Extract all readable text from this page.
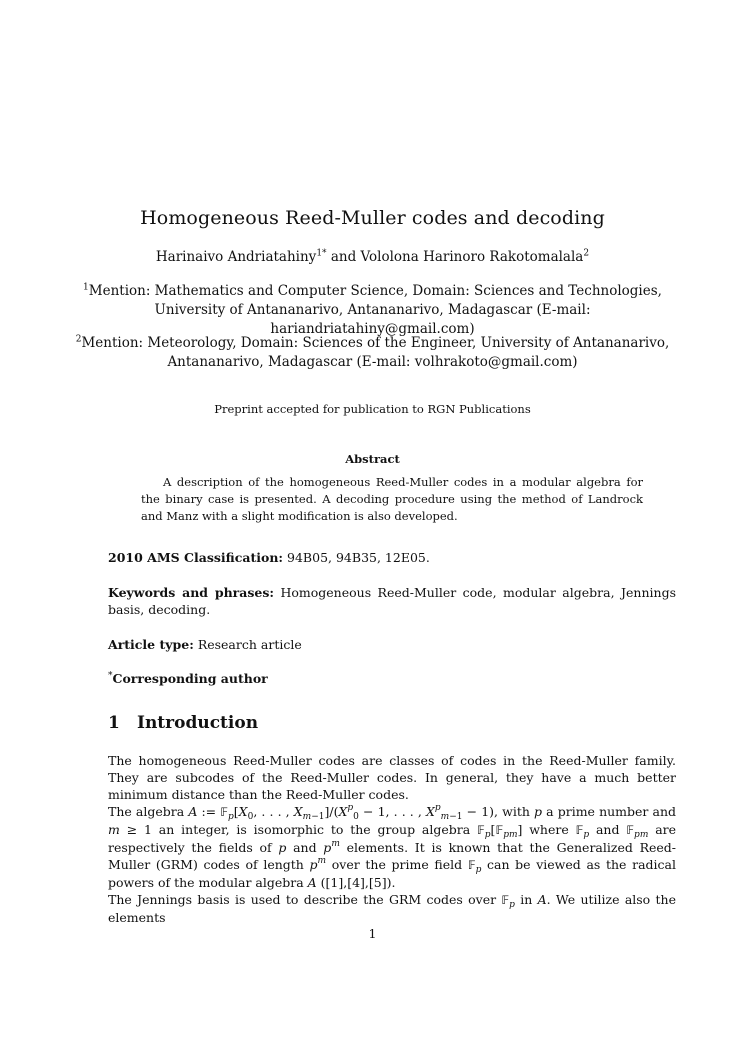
Homogeneous Reed-Muller codes and decoding
Harinaivo Andriatahiny$^{1*}$ and Vololona Harinoro Rakotomalala$^2$
$^1$Mention: Mathematics and Computer Science, Domain: Sciences and Technologies,
University of Antananarivo, Antananarivo, Madagascar (E-mail:
hariandriatahiny@gmail.com)
$^2$Mention: Meteorology, Domain: Sciences of the Engineer, University of Antananarivo,
Antananarivo, Madagascar (E-mail: volhrakoto@gmail.com)
Preprint accepted for publication to RGN Publications
Abstract
A description of the homogeneous Reed-Muller codes in a modular algebra for the binary case is presented. A decoding procedure using the method of Landrock and Manz with a slight modification is also developed.
2010 AMS Classification: 94B05, 94B35, 12E05.
Keywords and phrases: Homogeneous Reed-Muller code, modular algebra, Jennings basis, decoding.
Article type: Research article
*Corresponding author
1 Introduction
The homogeneous Reed-Muller codes are classes of codes in the Reed-Muller family. They are subcodes of the Reed-Muller codes. In general, they have a much better minimum distance than the Reed-Muller codes.
The algebra A := $𝔽_p[X_0$, . . . , $X_{m-1}]/(X^p_0 - 1$, . . . , $X^p_{m-1} - 1$), with p a prime number and m ≥ 1 an integer, is isomorphic to the group algebra 𝔽$_p$[𝔽$_{pm}$] where 𝔽$_p$ and 𝔽$_{pm}$ are respectively the fields of p and $p^m$ elements. It is known that the Generalized Reed-Muller (GRM) codes of length $p^m$ over the prime field 𝔽$_p$ can be viewed as the radical powers of the modular algebra A ([1],[4],[5]).
The Jennings basis is used to describe the GRM codes over 𝔽$_p$ in A. We utilize also the elements
1
